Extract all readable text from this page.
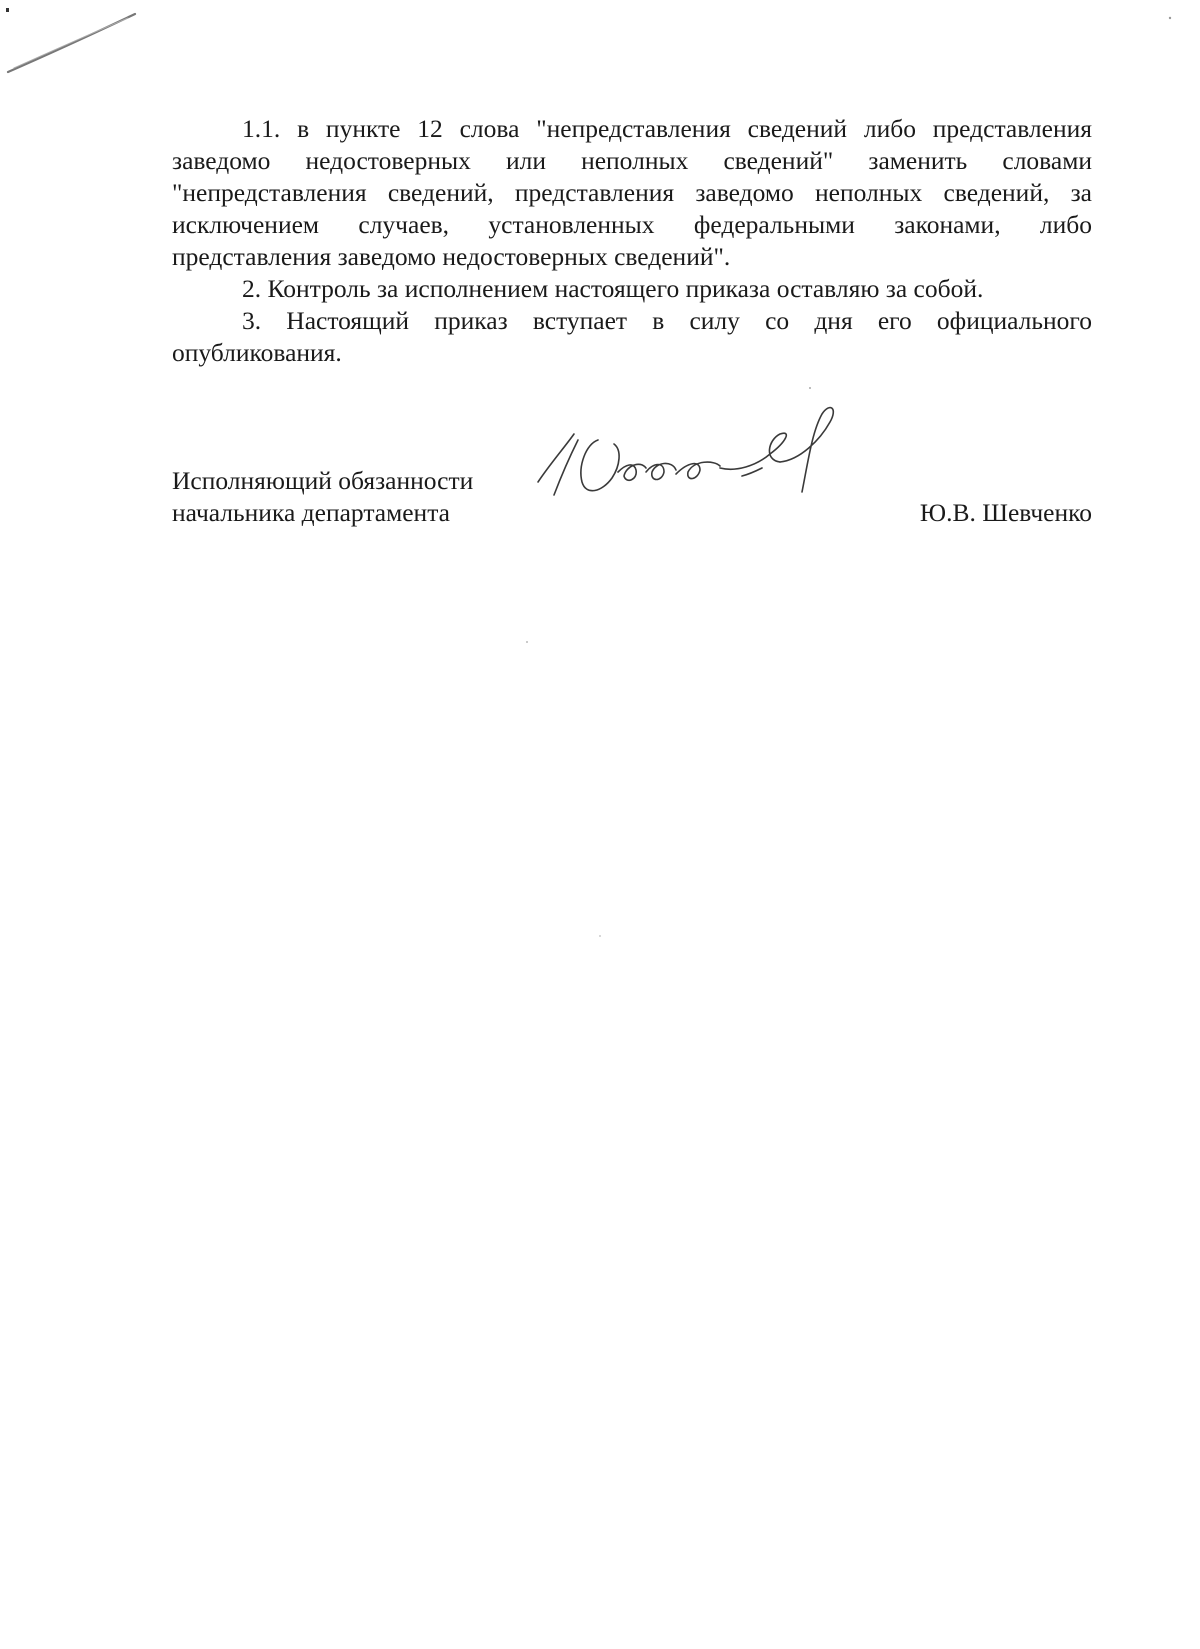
1.1. в пункте 12 слова "непредставления сведений либо представления заведомо недостоверных или неполных сведений" заменить словами "непредставления сведений, представления заведомо неполных сведений, за исключением случаев, установленных федеральными законами, либо представления заведомо недостоверных сведений".

2. Контроль за исполнением настоящего приказа оставляю за собой.

3. Настоящий приказ вступает в силу со дня его официального опубликования.

Исполняющий обязанности
начальника департамента	Ю.В. Шевченко
